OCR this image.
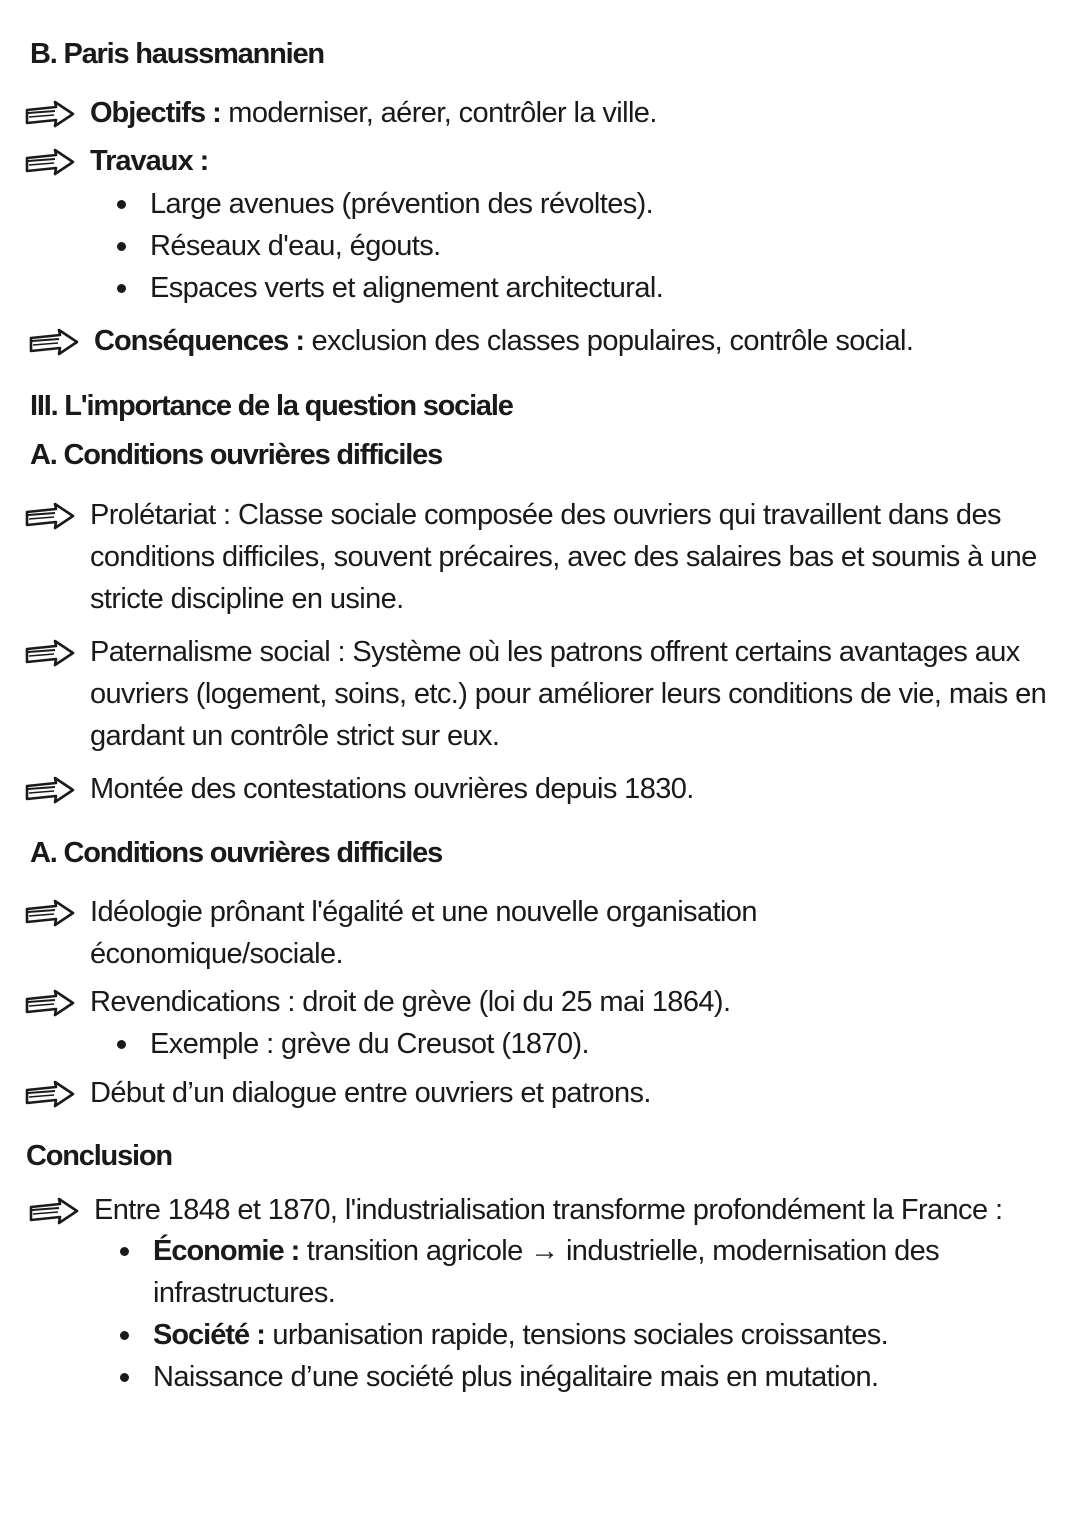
B. Paris haussmannien
Objectifs : moderniser, aérer, contrôler la ville.
Travaux :
Large avenues (prévention des révoltes).
Réseaux d'eau, égouts.
Espaces verts et alignement architectural.
Conséquences : exclusion des classes populaires, contrôle social.
III. L'importance de la question sociale
A. Conditions ouvrières difficiles
Prolétariat : Classe sociale composée des ouvriers qui travaillent dans des
conditions difficiles, souvent précaires, avec des salaires bas et soumis à une
stricte discipline en usine.
Paternalisme social : Système où les patrons offrent certains avantages aux
ouvriers (logement, soins, etc.) pour améliorer leurs conditions de vie, mais en
gardant un contrôle strict sur eux.
Montée des contestations ouvrières depuis 1830.
A. Conditions ouvrières difficiles
Idéologie prônant l'égalité et une nouvelle organisation
économique/sociale.
Revendications : droit de grève (loi du 25 mai 1864).
Exemple : grève du Creusot (1870).
Début d’un dialogue entre ouvriers et patrons.
Conclusion
Entre 1848 et 1870, l'industrialisation transforme profondément la France :
Économie : transition agricole → industrielle, modernisation des
infrastructures.
Société : urbanisation rapide, tensions sociales croissantes.
Naissance d’une société plus inégalitaire mais en mutation.
